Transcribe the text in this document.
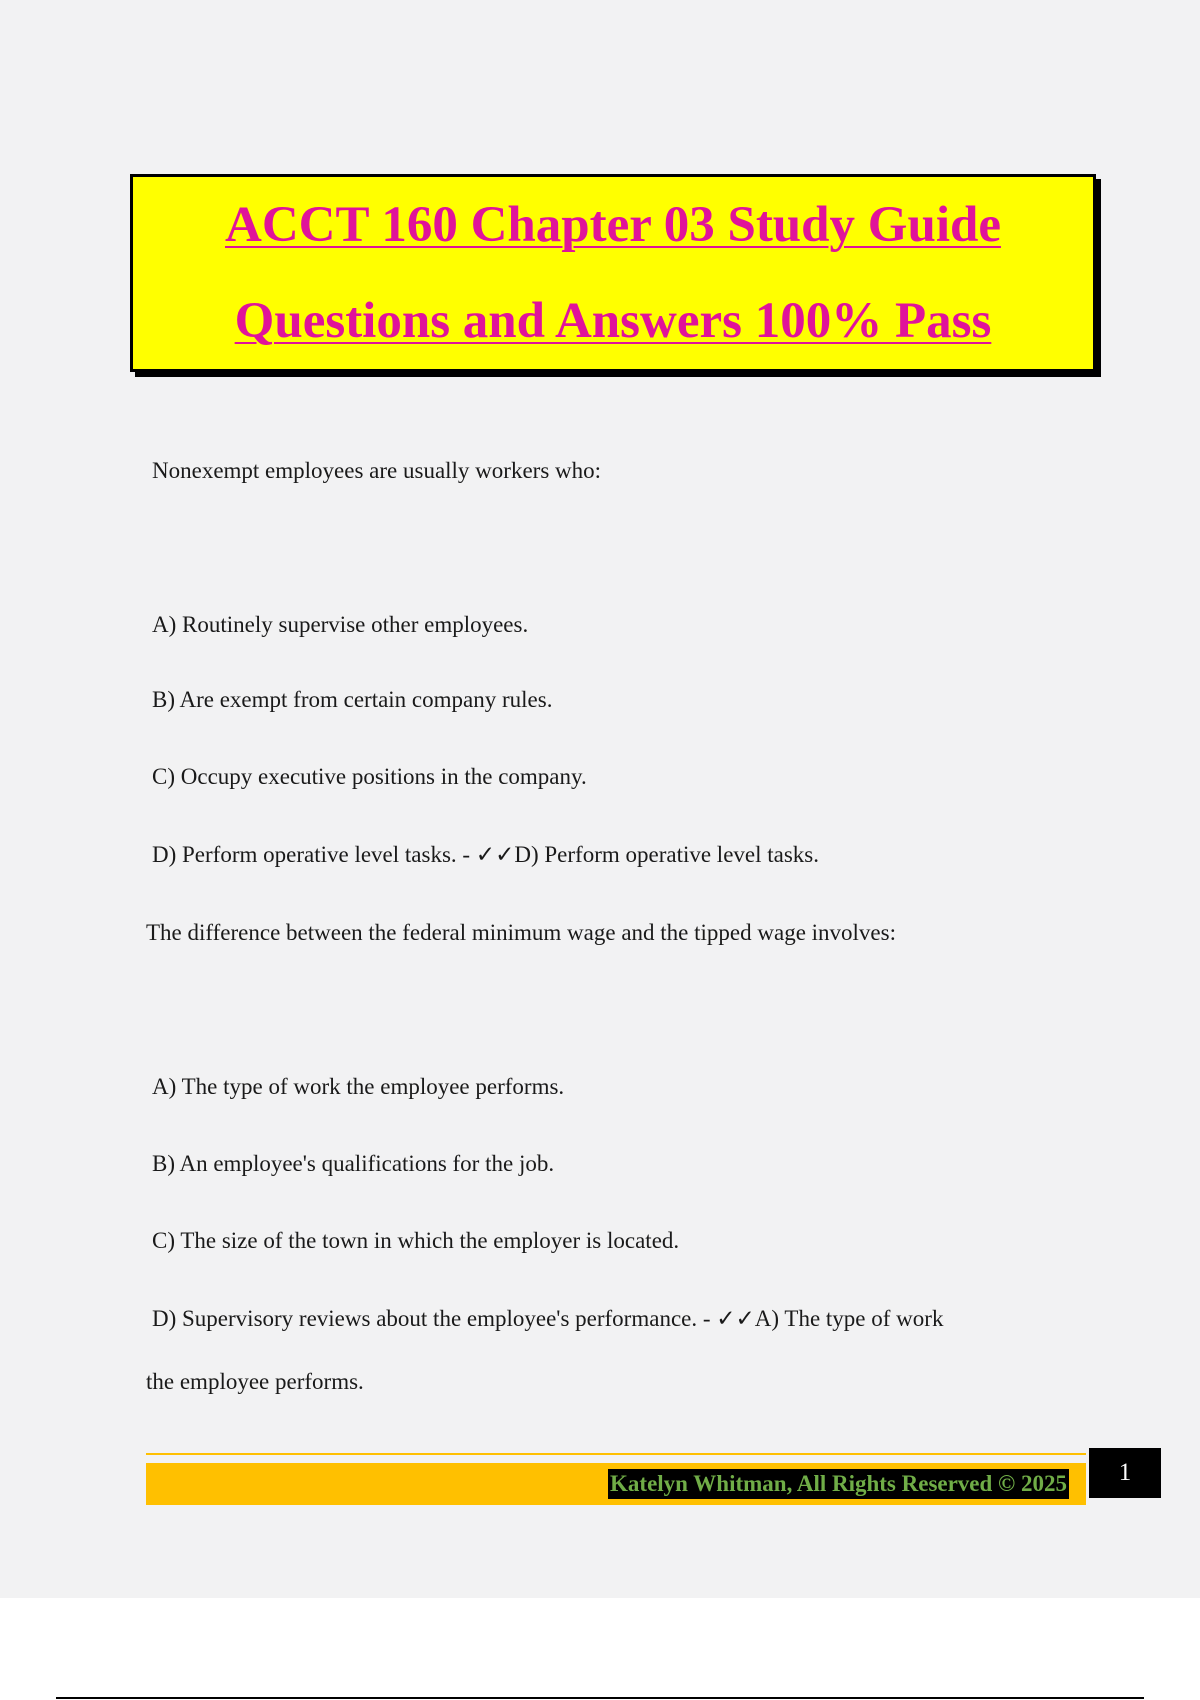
ACCT 160 Chapter 03 Study Guide
Questions and Answers 100% Pass
Nonexempt employees are usually workers who:
A) Routinely supervise other employees.
B) Are exempt from certain company rules.
C) Occupy executive positions in the company.
D) Perform operative level tasks. - ✓✓D) Perform operative level tasks.
The difference between the federal minimum wage and the tipped wage involves:
A) The type of work the employee performs.
B) An employee's qualifications for the job.
C) The size of the town in which the employer is located.
D) Supervisory reviews about the employee's performance. - ✓✓A) The type of work
the employee performs.
Katelyn Whitman, All Rights Reserved © 2025	1
